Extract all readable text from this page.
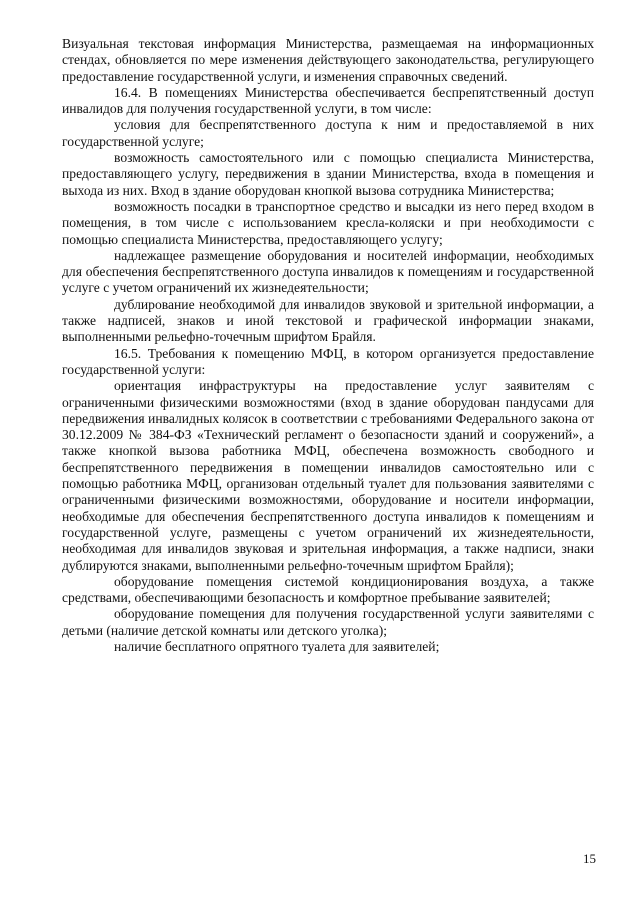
Визуальная текстовая информация Министерства, размещаемая на информационных стендах, обновляется по мере изменения действующего законодательства, регулирующего предоставление государственной услуги, и изменения справочных сведений.

16.4. В помещениях Министерства обеспечивается беспрепятственный доступ инвалидов для получения государственной услуги, в том числе:

условия для беспрепятственного доступа к ним и предоставляемой в них государственной услуге;

возможность самостоятельного или с помощью специалиста Министерства, предоставляющего услугу, передвижения в здании Министерства, входа в помещения и выхода из них. Вход в здание оборудован кнопкой вызова сотрудника Министерства;

возможность посадки в транспортное средство и высадки из него перед входом в помещения, в том числе с использованием кресла-коляски и при необходимости с помощью специалиста Министерства, предоставляющего услугу;

надлежащее размещение оборудования и носителей информации, необходимых для обеспечения беспрепятственного доступа инвалидов к помещениям и государственной услуге с учетом ограничений их жизнедеятельности;

дублирование необходимой для инвалидов звуковой и зрительной информации, а также надписей, знаков и иной текстовой и графической информации знаками, выполненными рельефно-точечным шрифтом Брайля.

16.5. Требования к помещению МФЦ, в котором организуется предоставление государственной услуги:

ориентация инфраструктуры на предоставление услуг заявителям с ограниченными физическими возможностями (вход в здание оборудован пандусами для передвижения инвалидных колясок в соответствии с требованиями Федерального закона от 30.12.2009 № 384-ФЗ «Технический регламент о безопасности зданий и сооружений», а также кнопкой вызова работника МФЦ, обеспечена возможность свободного и беспрепятственного передвижения в помещении инвалидов самостоятельно или с помощью работника МФЦ, организован отдельный туалет для пользования заявителями с ограниченными физическими возможностями, оборудование и носители информации, необходимые для обеспечения беспрепятственного доступа инвалидов к помещениям и государственной услуге, размещены с учетом ограничений их жизнедеятельности, необходимая для инвалидов звуковая и зрительная информация, а также надписи, знаки дублируются знаками, выполненными рельефно-точечным шрифтом Брайля);

оборудование помещения системой кондиционирования воздуха, а также средствами, обеспечивающими безопасность и комфортное пребывание заявителей;

оборудование помещения для получения государственной услуги заявителями с детьми (наличие детской комнаты или детского уголка);

наличие бесплатного опрятного туалета для заявителей;

15
